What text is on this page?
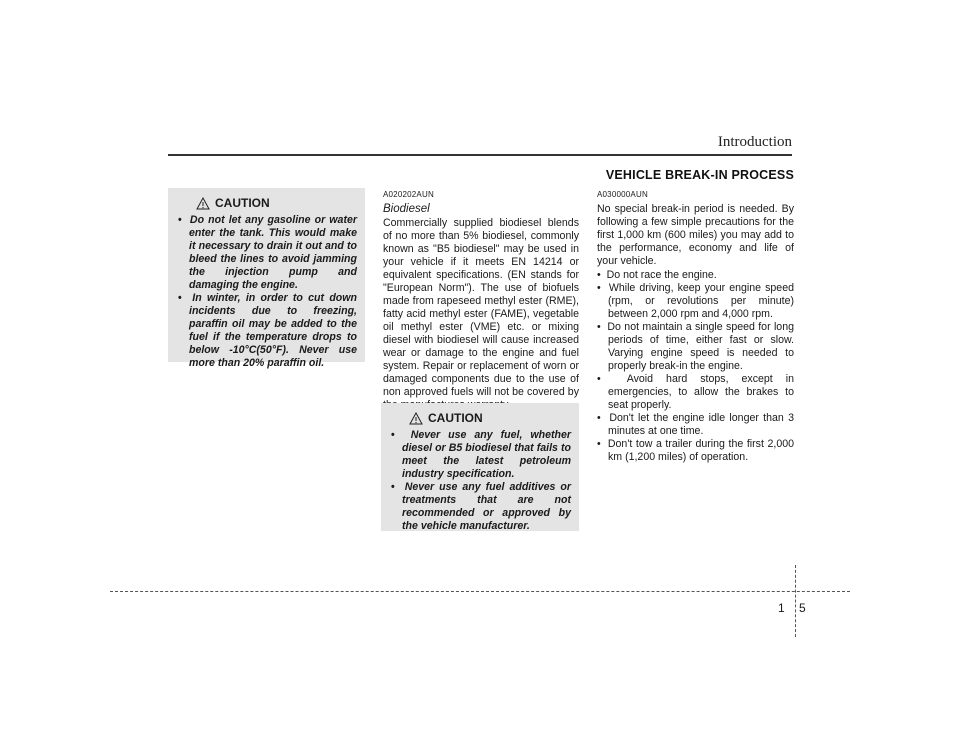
Introduction
VEHICLE BREAK-IN PROCESS
CAUTION
•  Do not let any gasoline or water enter the tank. This would make it necessary to drain it out and to bleed the lines to avoid jamming the injection pump and damaging the engine.
•  In winter, in order to cut down incidents due to freezing, paraffin oil may be added to the fuel if the temperature drops to below -10°C(50°F). Never use more than 20% paraffin oil.
A020202AUN
Biodiesel

Commercially supplied biodiesel blends of no more than 5% biodiesel, commonly known as "B5 biodiesel" may be used in your vehicle if it meets EN 14214 or equivalent specifications. (EN stands for "European Norm"). The use of biofuels made from rapeseed methyl ester (RME), fatty acid methyl ester (FAME), vegetable oil methyl ester (VME) etc. or mixing diesel with biodiesel will cause increased wear or damage to the engine and fuel system. Repair or replacement of worn or damaged components due to the use of non approved fuels will not be covered by

CAUTION
•  Never use any fuel, whether diesel or B5 biodiesel that fails to meet the latest petroleum industry specification.
•  Never use any fuel additives or treatments that are not recommended or approved by the vehicle manufacturer.
A030000AUN

No special break-in period is needed. By following a few simple precautions for the first 1,000 km (600 miles) you may add to the performance, economy and life of your vehicle.

•  Do not race the engine.
•  While driving, keep your engine speed (rpm, or revolutions per minute) between 2,000 rpm and 4,000 rpm.
•  Do not maintain a single speed for long periods of time, either fast or slow. Varying engine speed is needed to properly break-in the engine.
•  Avoid hard stops, except in emergencies, to allow the brakes to seat properly.
•  Don't let the engine idle longer than 3 minutes at one time.
•  Don't tow a trailer during the first 2,000 km (1,200 miles) of operation.
1 5
